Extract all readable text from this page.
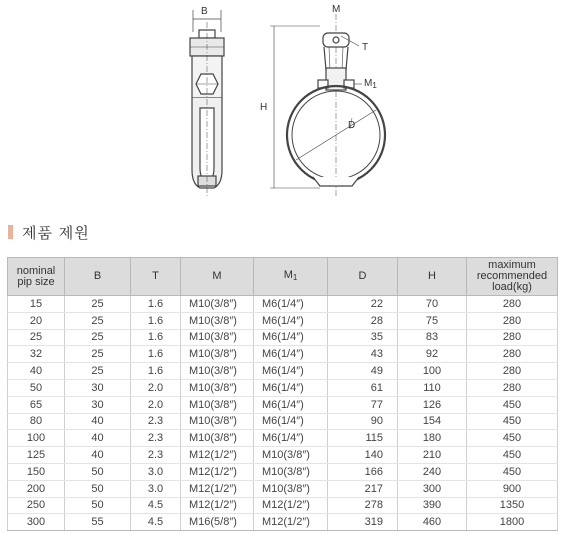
B	M
T
$M_1$
H
D
제품 제원
nominal pip size	B	T	M	$M_1$	D	H	maximum recommended load(kg)
15	25	1.6	M10(3/8″)	M6(1/4″)	22	70	280
20	25	1.6	M10(3/8″)	M6(1/4″)	28	75	280
25	25	1.6	M10(3/8″)	M6(1/4″)	35	83	280
32	25	1.6	M10(3/8″)	M6(1/4″)	43	92	280
40	25	1.6	M10(3/8″)	M6(1/4″)	49	100	280
50	30	2.0	M10(3/8″)	M6(1/4″)	61	110	280
65	30	2.0	M10(3/8″)	M6(1/4″)	77	126	450
80	40	2.3	M10(3/8″)	M6(1/4″)	90	154	450
100	40	2.3	M10(3/8″)	M6(1/4″)	115	180	450
125	40	2.3	M12(1/2″)	M10(3/8″)	140	210	450
150	50	3.0	M12(1/2″)	M10(3/8″)	166	240	450
200	50	3.0	M12(1/2″)	M10(3/8″)	217	300	900
250	50	4.5	M12(1/2″)	M12(1/2″)	278	390	1350
300	55	4.5	M16(5/8″)	M12(1/2″)	319	460	1800
